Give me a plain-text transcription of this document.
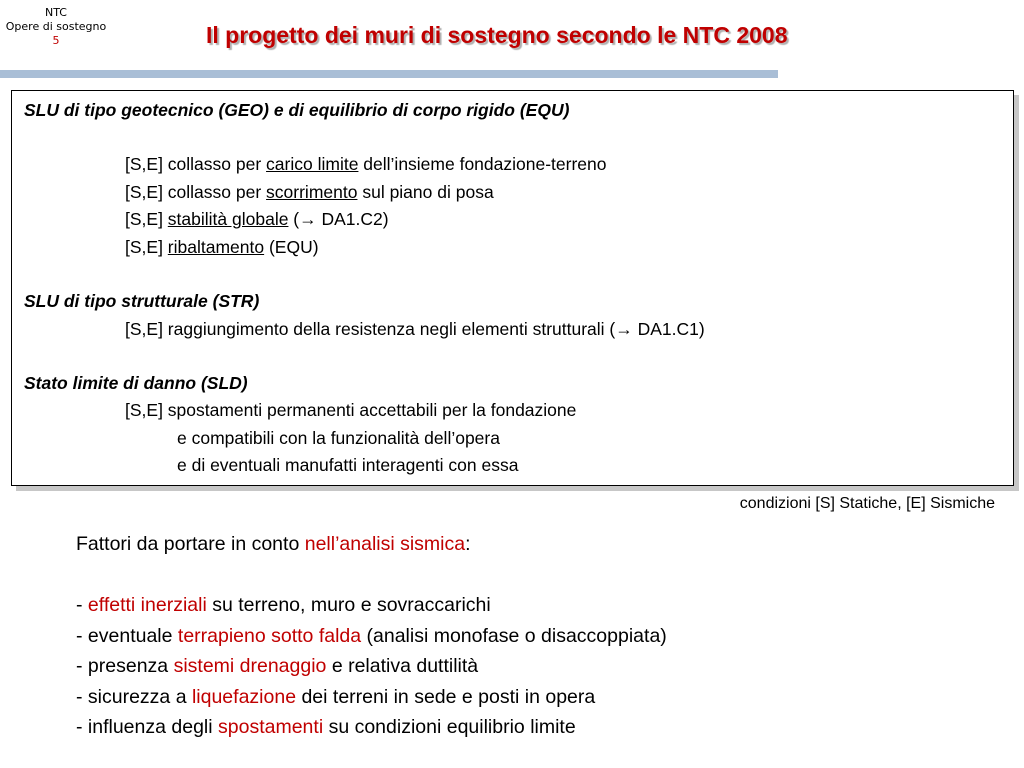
NTC
Opere di sostegno
5	Il progetto dei muri di sostegno secondo le NTC 2008
SLU di tipo geotecnico (GEO) e di equilibrio di corpo rigido (EQU)
[S,E] collasso per carico limite dell’insieme fondazione-terreno
[S,E] collasso per scorrimento sul piano di posa
[S,E] stabilità globale (→ DA1.C2)
[S,E] ribaltamento (EQU)
SLU di tipo strutturale (STR)
[S,E] raggiungimento della resistenza negli elementi strutturali (→ DA1.C1)
Stato limite di danno (SLD)
[S,E] spostamenti permanenti accettabili per la fondazione
e compatibili con la funzionalità dell’opera
e di eventuali manufatti interagenti con essa
condizioni [S] Statiche, [E] Sismiche
Fattori da portare in conto nell’analisi sismica:
- effetti inerziali su terreno, muro e sovraccarichi
- eventuale terrapieno sotto falda (analisi monofase o disaccoppiata)
- presenza sistemi drenaggio e relativa duttilità
- sicurezza a liquefazione dei terreni in sede e posti in opera
- influenza degli spostamenti su condizioni equilibrio limite
